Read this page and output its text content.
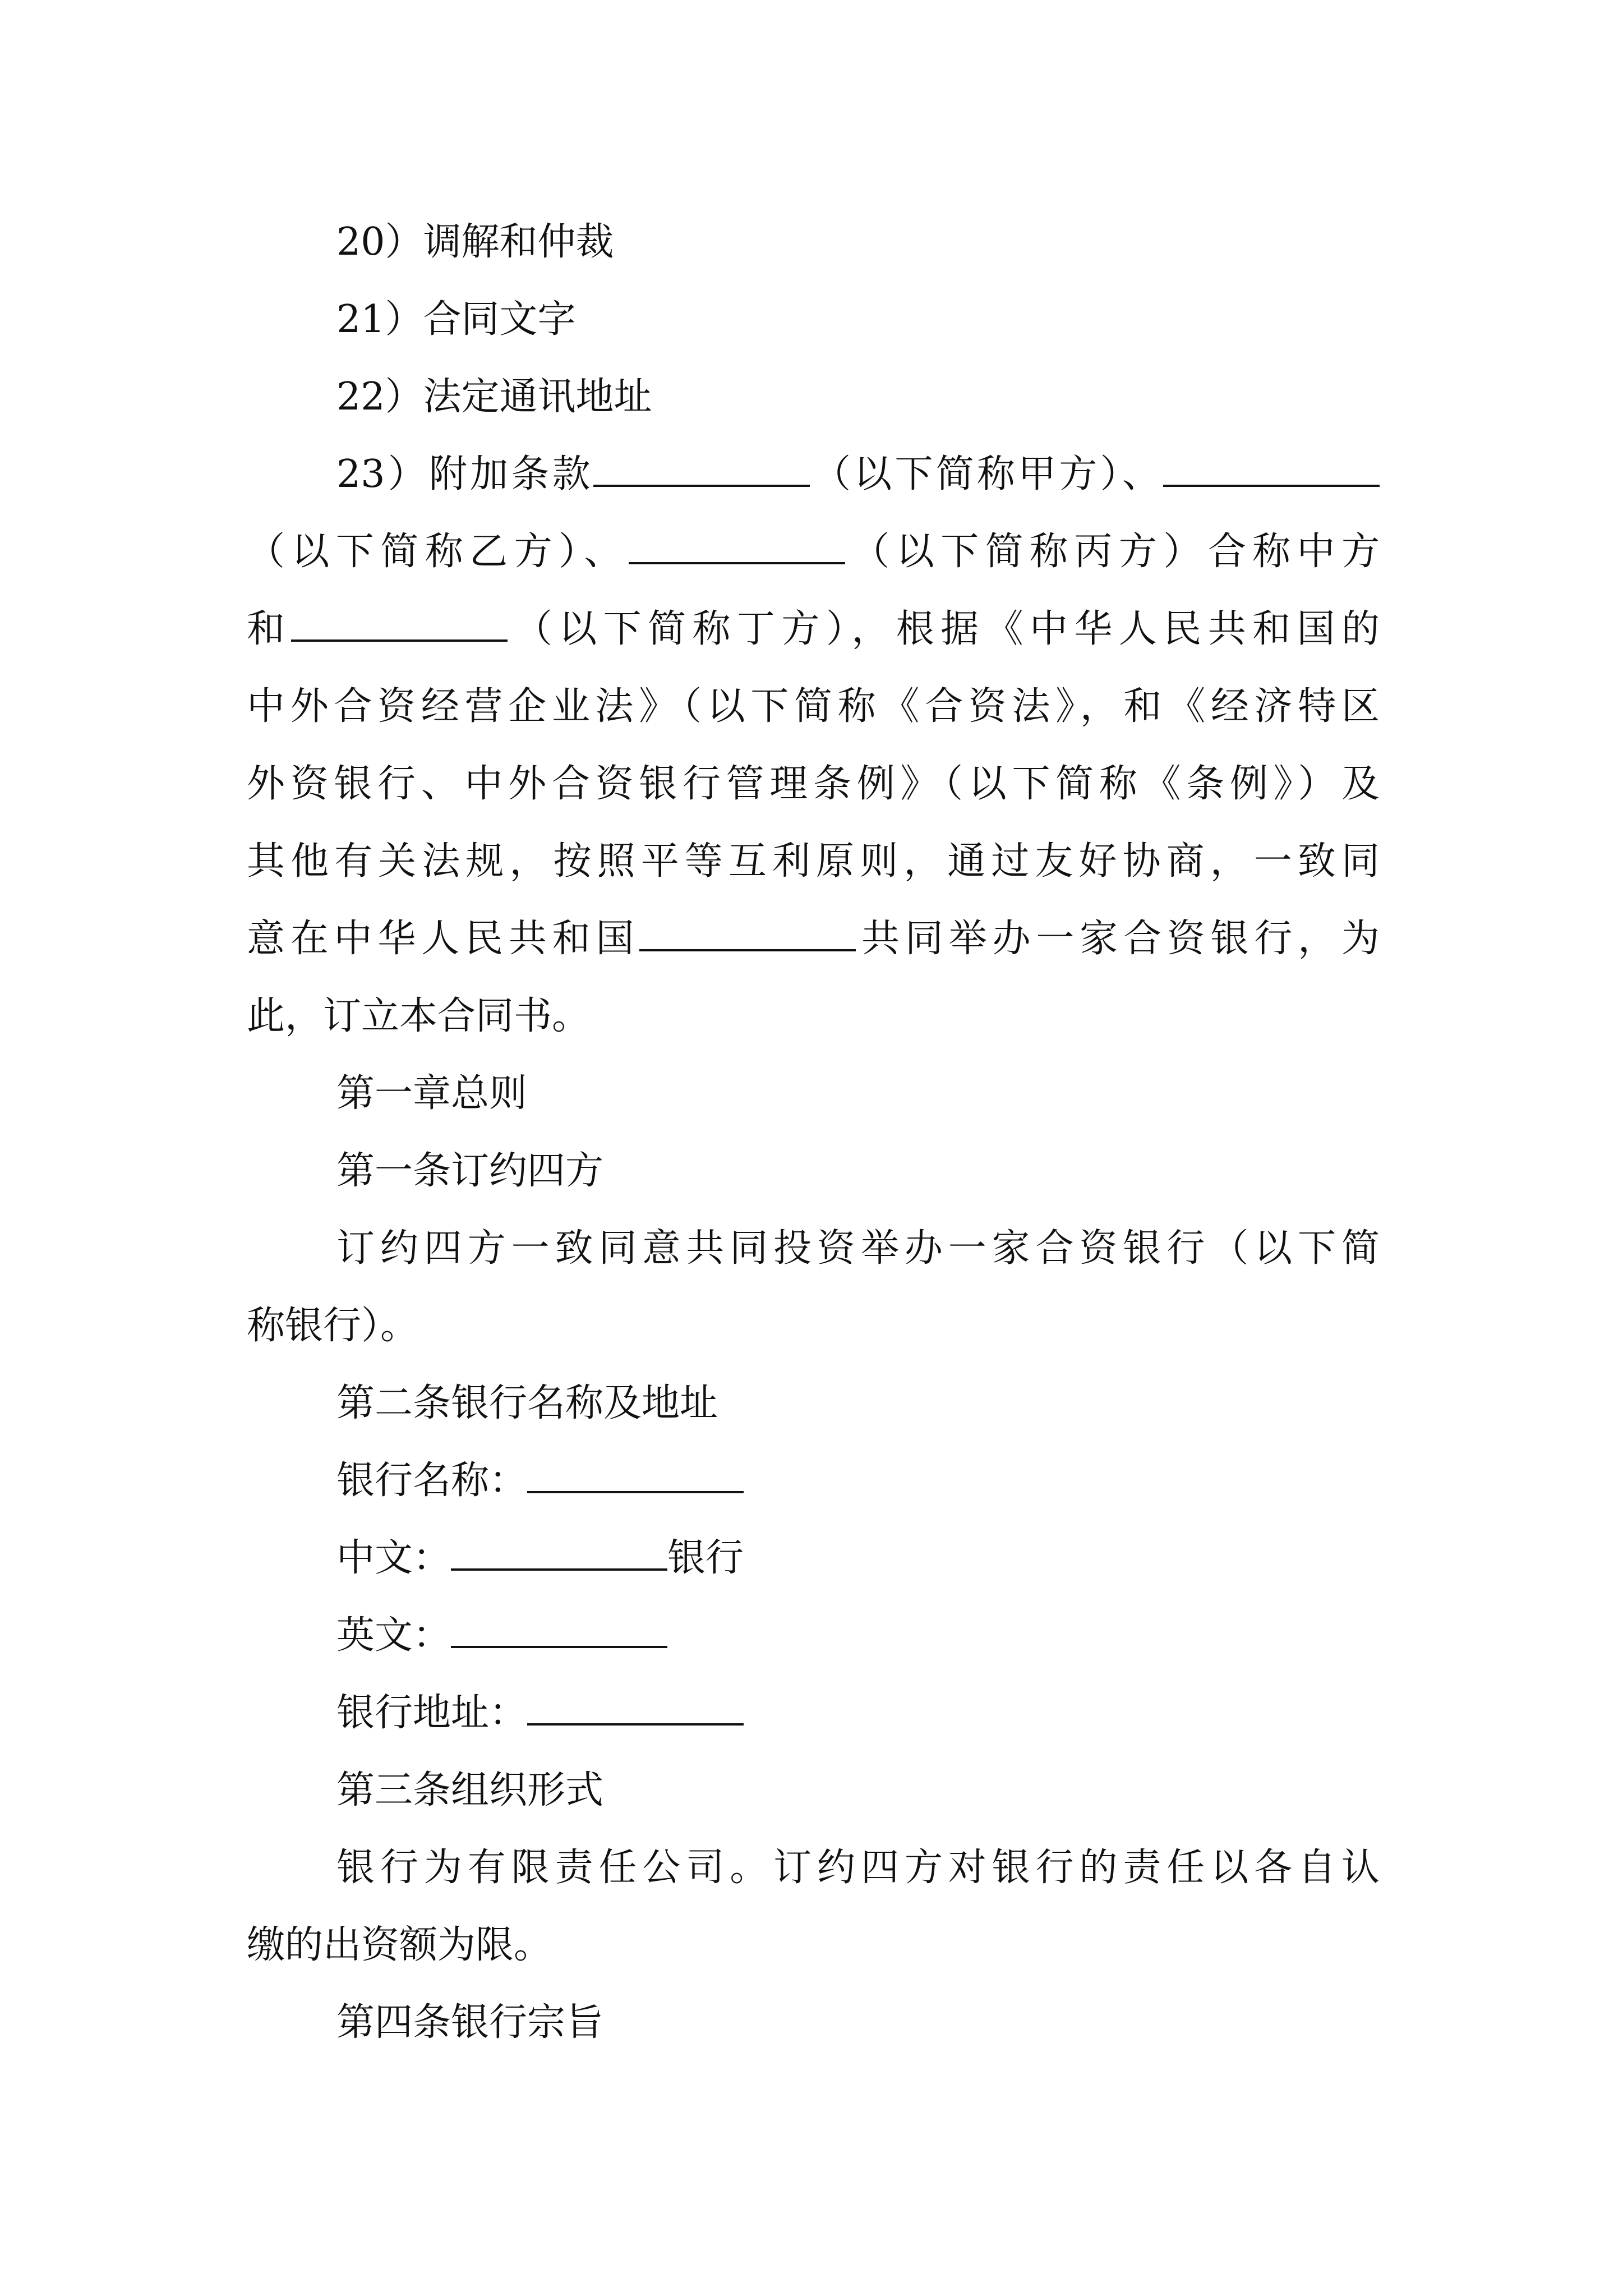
20）调解和仲裁
21）合同文字
22）法定通讯地址
23）附加条款	（以下简称甲方）、
（以下简称乙方）、	（以下简称丙方）合称中方
和	（以下简称丁方），根据《中华人民共和国的
中外合资经营企业法》（以下简称《合资法》，和《经济特区
外资银行、中外合资银行管理条例》（以下简称《条例》）及
其他有关法规，按照平等互利原则，通过友好协商，一致同
意在中华人民共和国	共同举办一家合资银行，为
此，订立本合同书。
第一章总则
第一条订约四方
订约四方一致同意共同投资举办一家合资银行（以下简
称银行）。
第二条银行名称及地址
银行名称：
中文：	银行
英文：
银行地址：
第三条组织形式
银行为有限责任公司。订约四方对银行的责任以各自认
缴的出资额为限。
第四条银行宗旨
